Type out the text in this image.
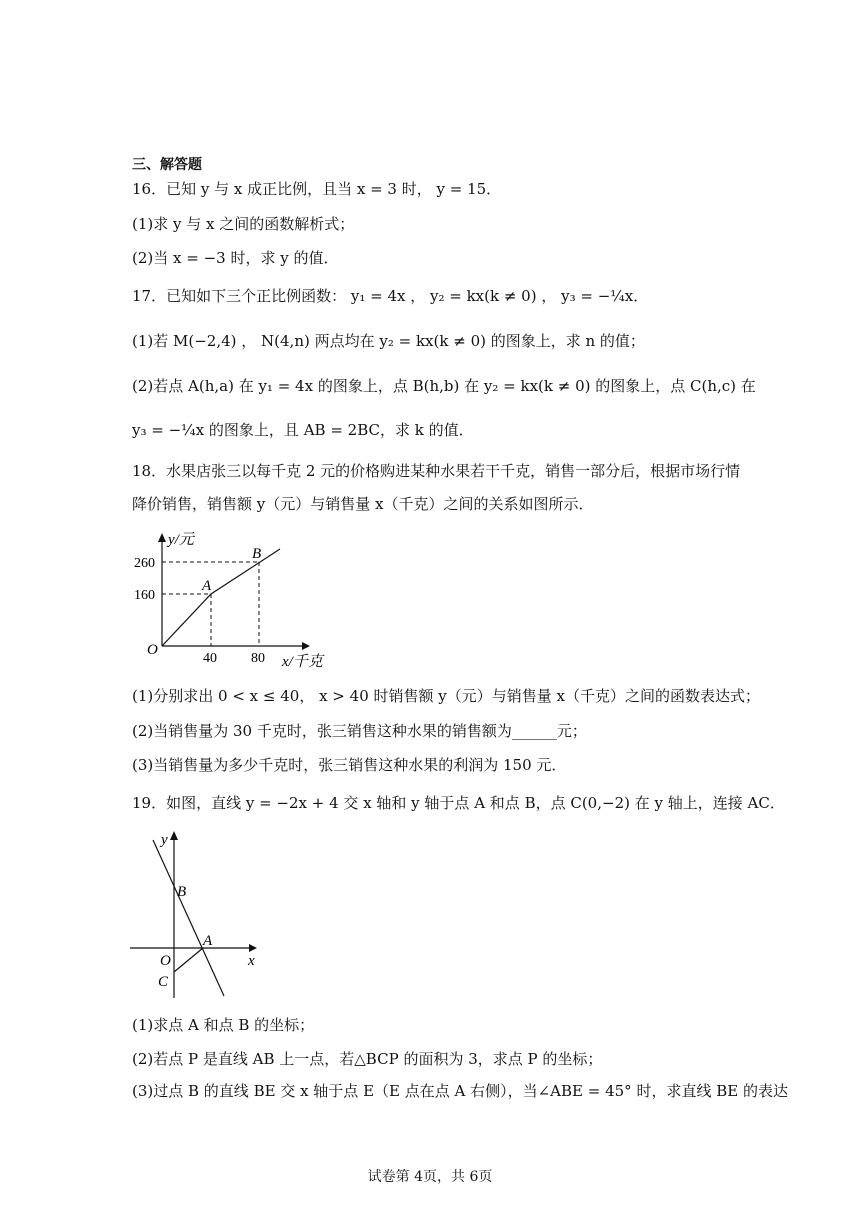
三、解答题
16．已知 y 与 x 成正比例，且当 x = 3 时， y = 15．
(1)求 y 与 x 之间的函数解析式；
(2)当 x = −3 时，求 y 的值．
17．已知如下三个正比例函数： y₁ = 4x ， y₂ = kx(k ≠ 0) ， y₃ = −¼x．
(1)若 M(−2,4) ， N(4,n) 两点均在 y₂ = kx(k ≠ 0) 的图象上，求 n 的值；
(2)若点 A(h,a) 在 y₁ = 4x 的图象上，点 B(h,b) 在 y₂ = kx(k ≠ 0) 的图象上，点 C(h,c) 在
y₃ = −¼x 的图象上，且 AB = 2BC，求 k 的值．
18．水果店张三以每千克 2 元的价格购进某种水果若干千克，销售一部分后，根据市场行情
降价销售，销售额 y（元）与销售量 x（千克）之间的关系如图所示．
y/元
x/千克
O
A
B
260
160
40 80
(1)分别求出 0 < x ≤ 40， x > 40 时销售额 y（元）与销售量 x（千克）之间的函数表达式；
(2)当销售量为 30 千克时，张三销售这种水果的销售额为______元；
(3)当销售量为多少千克时，张三销售这种水果的利润为 150 元．
19．如图，直线 y = −2x + 4 交 x 轴和 y 轴于点 A 和点 B，点 C(0,−2) 在 y 轴上，连接 AC．
y
x
B
A
O
C
(1)求点 A 和点 B 的坐标；
(2)若点 P 是直线 AB 上一点，若△BCP 的面积为 3，求点 P 的坐标；
(3)过点 B 的直线 BE 交 x 轴于点 E（E 点在点 A 右侧），当∠ABE = 45° 时，求直线 BE 的表达
试卷第 4页，共 6页
